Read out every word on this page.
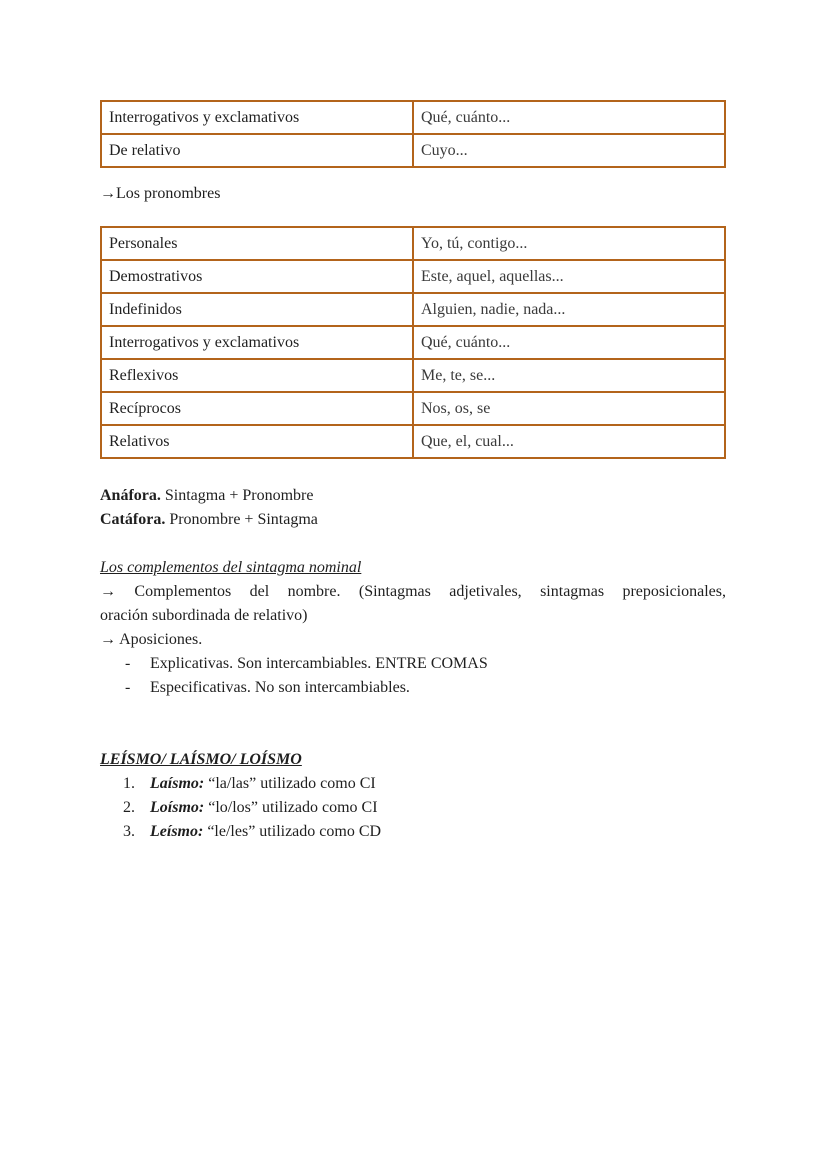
Interrogativos y exclamativos	Qué, cuánto...
De relativo	Cuyo...

→Los pronombres

Personales	Yo, tú, contigo...
Demostrativos	Este, aquel, aquellas...
Indefinidos	Alguien, nadie, nada...
Interrogativos y exclamativos	Qué, cuánto...
Reflexivos	Me, te, se...
Recíprocos	Nos, os, se
Relativos	Que, el, cual...

Anáfora. Sintagma + Pronombre

Catáfora. Pronombre + Sintagma

Los complementos del sintagma nominal

→ Complementos del nombre. (Sintagmas adjetivales, sintagmas preposicionales,

oración subordinada de relativo)

→ Aposiciones.

- Explicativas. Son intercambiables. ENTRE COMAS
- Especificativas. No son intercambiables.

LEÍSMO/ LAÍSMO/ LOÍSMO

1. Laísmo: “la/las” utilizado como CI
2. Loísmo: “lo/los” utilizado como CI
3. Leísmo: “le/les” utilizado como CD
